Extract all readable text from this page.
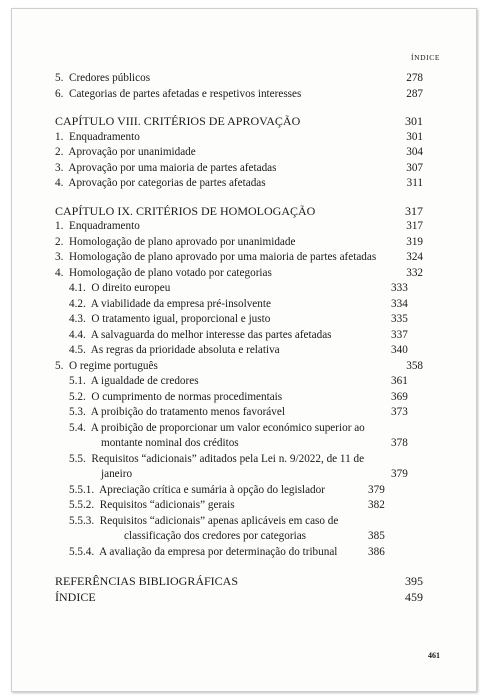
ÍNDICE
5. Credores públicos	278
6. Categorias de partes afetadas e respetivos interesses	287
CAPÍTULO VIII. CRITÉRIOS DE APROVAÇÃO	301
1. Enquadramento	301
2. Aprovação por unanimidade	304
3. Aprovação por uma maioria de partes afetadas	307
4. Aprovação por categorias de partes afetadas	311
CAPÍTULO IX. CRITÉRIOS DE HOMOLOGAÇÃO	317
1. Enquadramento	317
2. Homologação de plano aprovado por unanimidade	319
3. Homologação de plano aprovado por uma maioria de partes afetadas	324
4. Homologação de plano votado por categorias	332
4.1. O direito europeu	333
4.2. A viabilidade da empresa pré-insolvente	334
4.3. O tratamento igual, proporcional e justo	335
4.4. A salvaguarda do melhor interesse das partes afetadas	337
4.5. As regras da prioridade absoluta e relativa	340
5. O regime português	358
5.1. A igualdade de credores	361
5.2. O cumprimento de normas procedimentais	369
5.3. A proibição do tratamento menos favorável	373
5.4. A proibição de proporcionar um valor económico superior ao montante nominal dos créditos	378
5.5. Requisitos “adicionais” aditados pela Lei n. 9/2022, de 11 de janeiro	379
5.5.1. Apreciação crítica e sumária à opção do legislador	379
5.5.2. Requisitos “adicionais” gerais	382
5.5.3. Requisitos “adicionais” apenas aplicáveis em caso de classificação dos credores por categorias	385
5.5.4. A avaliação da empresa por determinação do tribunal	386
REFERÊNCIAS BIBLIOGRÁFICAS	395
ÍNDICE	459
461
